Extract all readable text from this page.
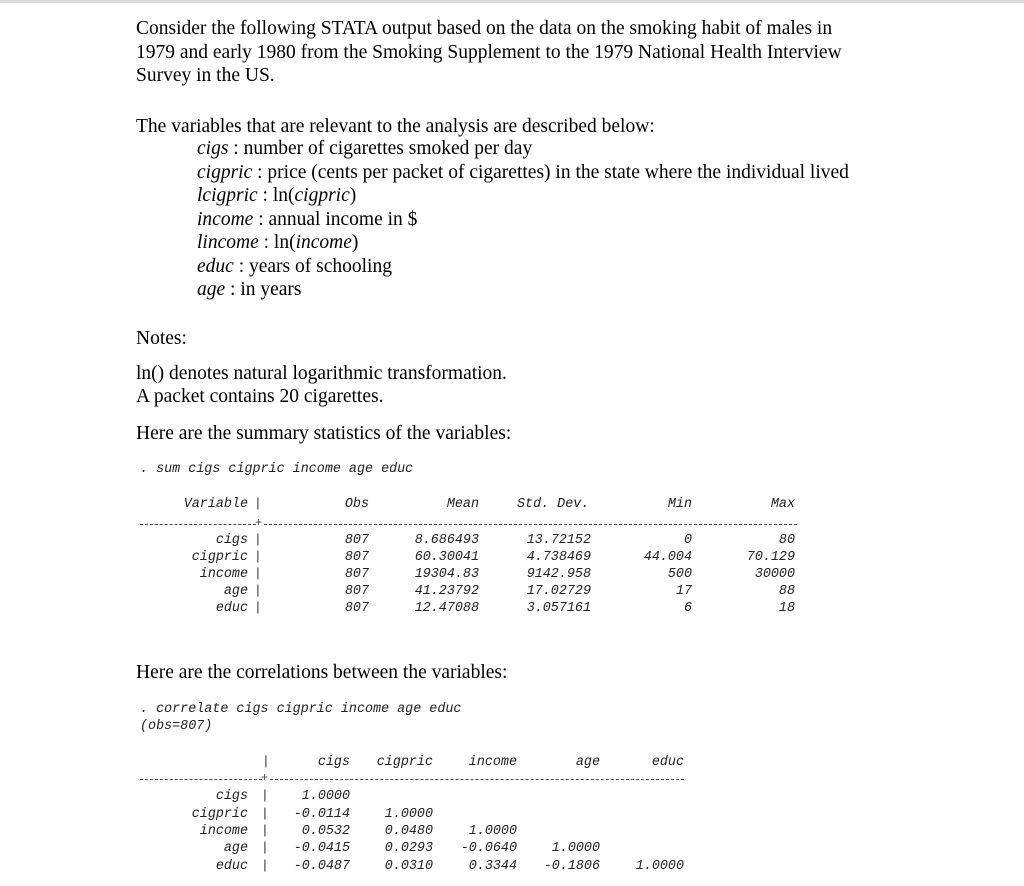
Consider the following STATA output based on the data on the smoking habit of males in
1979 and early 1980 from the Smoking Supplement to the 1979 National Health Interview
Survey in the US.
The variables that are relevant to the analysis are described below:
cigs : number of cigarettes smoked per day
cigpric : price (cents per packet of cigarettes) in the state where the individual lived
lcigpric : ln(cigpric)
income : annual income in $
lincome : ln(income)
educ : years of schooling
age : in years
Notes:
ln() denotes natural logarithmic transformation.
A packet contains 20 cigarettes.
Here are the summary statistics of the variables:
. sum cigs cigpric income age educ
Variable |	Obs	Mean	Std. Dev.	Min	Max
+
cigs |	807	8.686493	13.72152	0	80
cigpric |	807	60.30041	4.738469	44.004	70.129
income |	807	19304.83	9142.958	500	30000
age |	807	41.23792	17.02729	17	88
educ |	807	12.47088	3.057161	6	18
Here are the correlations between the variables:
. correlate cigs cigpric income age educ
(obs=807)
|	cigs	cigpric	income	age	educ
+
cigs |	1.0000
cigpric |	-0.0114	1.0000
income |	0.0532	0.0480	1.0000
age |	-0.0415	0.0293	-0.0640	1.0000
educ |	-0.0487	0.0310	0.3344	-0.1806	1.0000
